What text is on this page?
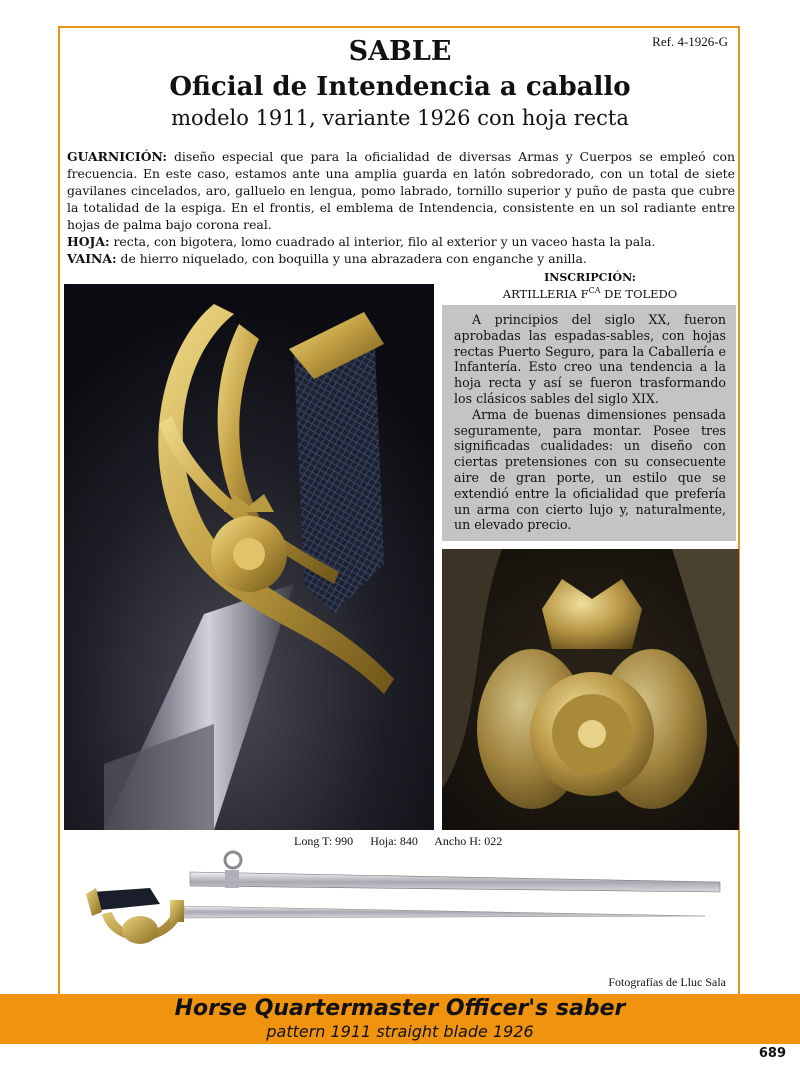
Ref. 4-1926-G
SABLE
Oficial de Intendencia a caballo
modelo 1911, variante 1926 con hoja recta

GUARNICIÓN: diseño especial que para la oficialidad de diversas Armas y Cuerpos se empleó con frecuencia. En este caso, estamos ante una amplia guarda en latón sobredorado, con un total de siete gavilanes cincelados, aro, galluelo en lengua, pomo labrado, tornillo superior y puño de pasta que cubre la totalidad de la espiga. En el frontis, el emblema de Intendencia, consistente en un sol radiante entre hojas de palma bajo corona real.

HOJA: recta, con bigotera, lomo cuadrado al interior, filo al exterior y un vaceo hasta la pala.

VAINA: de hierro niquelado, con boquilla y una abrazadera con enganche y anilla.

INSCRIPCIÓN:
ARTILLERIA $F^{CA}$ DE TOLEDO

A principios del siglo XX, fueron aprobadas las espadas-sables, con hojas rectas Puerto Seguro, para la Caballería e Infantería. Esto creo una tendencia a la hoja recta y así se fueron trasformando los clásicos sables del siglo XIX.

Arma de buenas dimensiones pensada seguramente, para montar. Posee tres significadas cualidades: un diseño con ciertas pretensiones con su consecuente aire de gran porte, un estilo que se extendió entre la oficialidad que prefería un arma con cierto lujo y, naturalmente, un elevado precio.

Long T: 990 Hoja: 840 Ancho H: 022
Fotografías de Lluc Sala
Horse Quartermaster Officer's saber
pattern 1911 straight blade 1926
689
